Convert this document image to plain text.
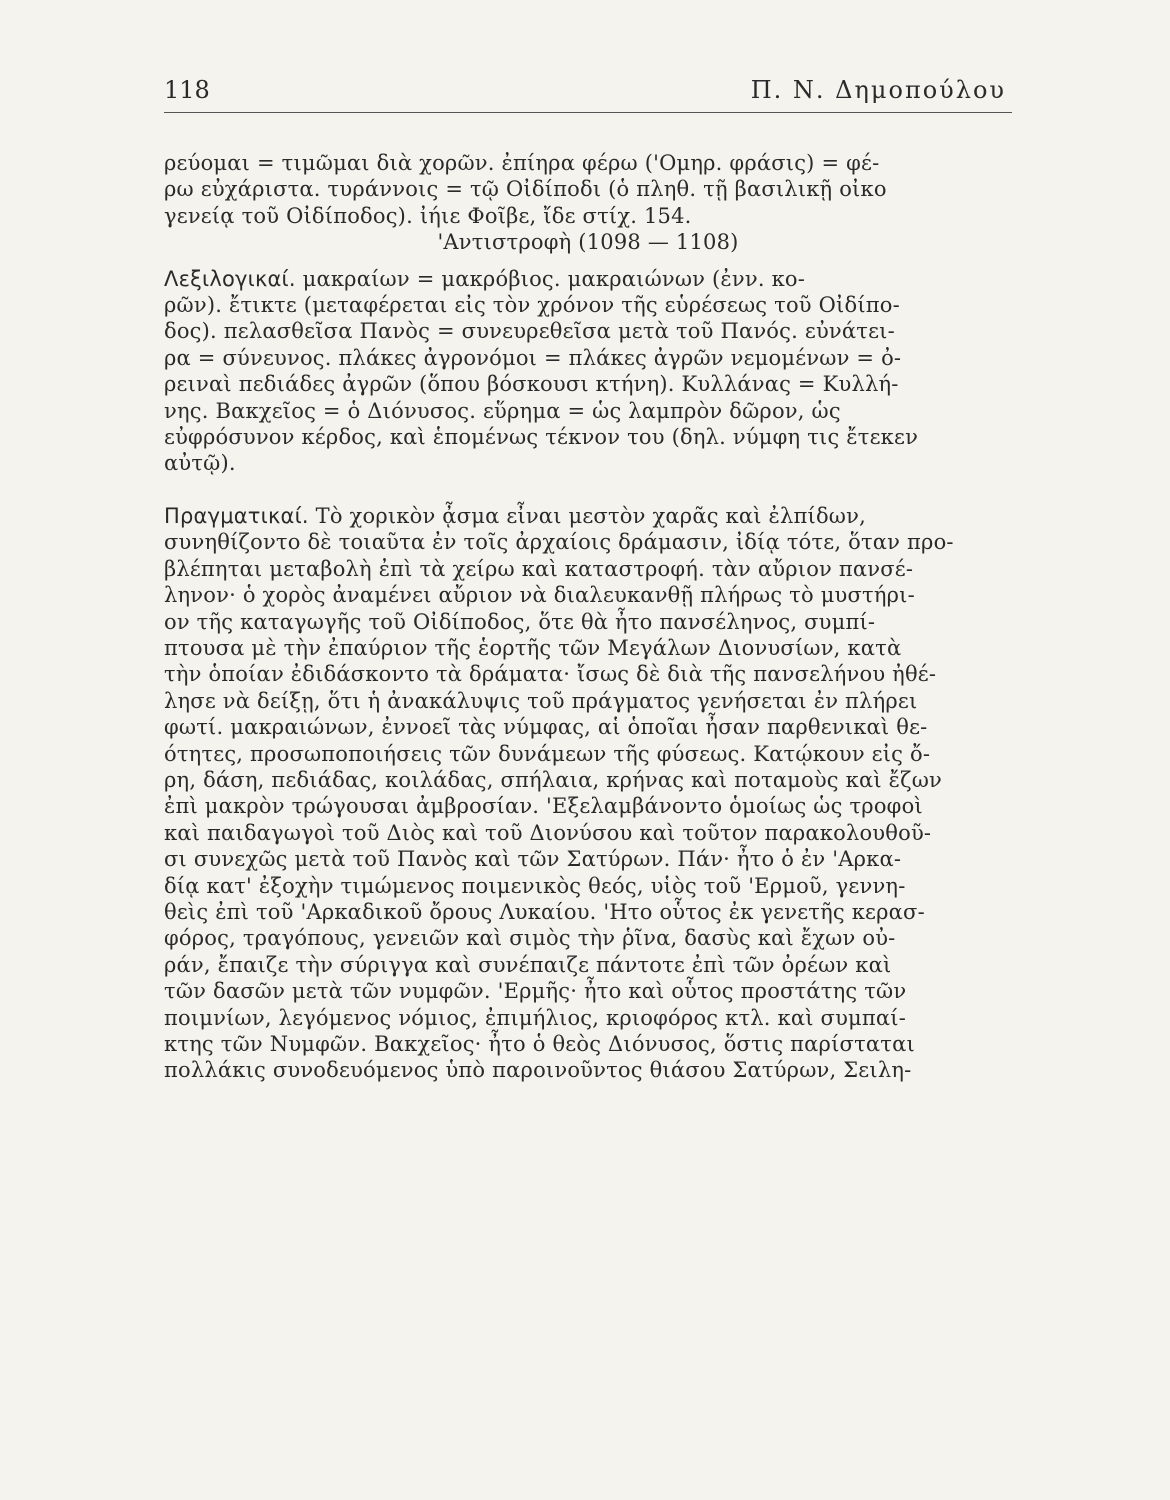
118	Π. Ν. Δημοπούλου
ρεύομαι = τιμῶμαι διὰ χορῶν. ἐπίηρα φέρω ('Ομηρ. φράσις) = φέ-
ρω εὐχάριστα. τυράννοις = τῷ Οἰδίποδι (ὁ πληθ. τῇ βασιλικῇ οἰκο
γενείᾳ τοῦ Οἰδίποδος). ἰήιε Φοῖβε, ἴδε στίχ. 154.
'Αντιστροφὴ (1098 — 1108)
Λεξιλογικαί. μακραίων = μακρόβιος. μακραιώνων (ἐνν. κο-
ρῶν). ἔτικτε (μεταφέρεται εἰς τὸν χρόνον τῆς εὑρέσεως τοῦ Οἰδίπο-
δος). πελασθεῖσα Πανὸς = συνευρεθεῖσα μετὰ τοῦ Πανός. εὐνάτει-
ρα = σύνευνος. πλάκες ἀγρονόμοι = πλάκες ἀγρῶν νεμομένων = ὀ-
ρειναὶ πεδιάδες ἀγρῶν (ὅπου βόσκουσι κτήνη). Κυλλάνας = Κυλλή-
νης. Βακχεῖος = ὁ Διόνυσος. εὕρημα = ὡς λαμπρὸν δῶρον, ὡς
εὐφρόσυνον κέρδος, καὶ ἑπομένως τέκνον του (δηλ. νύμφη τις ἔτεκεν
αὐτῷ).
Πραγματικαί. Τὸ χορικὸν ᾆσμα εἶναι μεστὸν χαρᾶς καὶ ἐλπίδων,
συνηθίζοντο δὲ τοιαῦτα ἐν τοῖς ἀρχαίοις δράμασιν, ἰδίᾳ τότε, ὅταν προ-
βλέπηται μεταβολὴ ἐπὶ τὰ χείρω καὶ καταστροφή. τὰν αὔριον πανσέ-
ληνον· ὁ χορὸς ἀναμένει αὔριον νὰ διαλευκανθῇ πλήρως τὸ μυστήρι-
ον τῆς καταγωγῆς τοῦ Οἰδίποδος, ὅτε θὰ ἦτο πανσέληνος, συμπί-
πτουσα μὲ τὴν ἐπαύριον τῆς ἑορτῆς τῶν Μεγάλων Διονυσίων, κατὰ
τὴν ὁποίαν ἐδιδάσκοντο τὰ δράματα· ἴσως δὲ διὰ τῆς πανσελήνου ἠθέ-
λησε νὰ δείξῃ, ὅτι ἡ ἀνακάλυψις τοῦ πράγματος γενήσεται ἐν πλήρει
φωτί. μακραιώνων, ἐννοεῖ τὰς νύμφας, αἱ ὁποῖαι ἦσαν παρθενικαὶ θε-
ότητες, προσωποποιήσεις τῶν δυνάμεων τῆς φύσεως. Κατῴκουν εἰς ὄ-
ρη, δάση, πεδιάδας, κοιλάδας, σπήλαια, κρήνας καὶ ποταμοὺς καὶ ἔζων
ἐπὶ μακρὸν τρώγουσαι ἀμβροσίαν. 'Εξελαμβάνοντο ὁμοίως ὡς τροφοὶ
καὶ παιδαγωγοὶ τοῦ Διὸς καὶ τοῦ Διονύσου καὶ τοῦτον παρακολουθοῦ-
σι συνεχῶς μετὰ τοῦ Πανὸς καὶ τῶν Σατύρων. Πάν· ἦτο ὁ ἐν 'Αρκα-
δίᾳ κατ' ἐξοχὴν τιμώμενος ποιμενικὸς θεός, υἱὸς τοῦ 'Ερμοῦ, γεννη-
θεὶς ἐπὶ τοῦ 'Αρκαδικοῦ ὄρους Λυκαίου. 'Ητο οὗτος ἐκ γενετῆς κερασ-
φόρος, τραγόπους, γενειῶν καὶ σιμὸς τὴν ῥῖνα, δασὺς καὶ ἔχων οὐ-
ράν, ἔπαιζε τὴν σύριγγα καὶ συνέπαιζε πάντοτε ἐπὶ τῶν ὀρέων καὶ
τῶν δασῶν μετὰ τῶν νυμφῶν. 'Ερμῆς· ἦτο καὶ οὗτος προστάτης τῶν
ποιμνίων, λεγόμενος νόμιος, ἐπιμήλιος, κριοφόρος κτλ. καὶ συμπαί-
κτης τῶν Νυμφῶν. Βακχεῖος· ἦτο ὁ θεὸς Διόνυσος, ὅστις παρίσταται
πολλάκις συνοδευόμενος ὑπὸ παροινοῦντος θιάσου Σατύρων, Σειλη-
